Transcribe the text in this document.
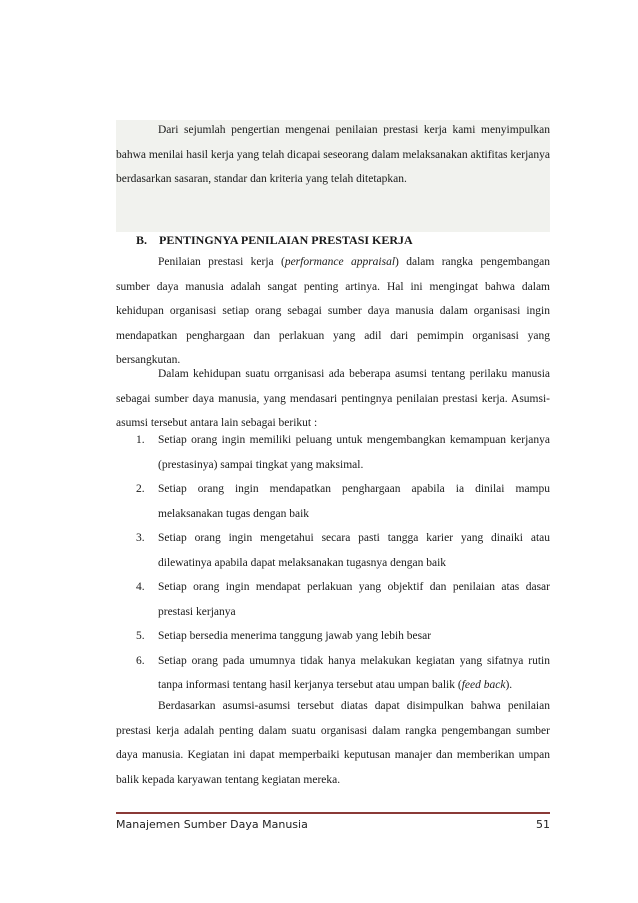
Dari sejumlah pengertian mengenai penilaian prestasi kerja kami menyimpulkan bahwa menilai hasil kerja yang telah dicapai seseorang dalam melaksanakan aktifitas kerjanya berdasarkan sasaran, standar dan kriteria yang telah ditetapkan.

B. PENTINGNYA PENILAIAN PRESTASI KERJA

Penilaian prestasi kerja (performance appraisal) dalam rangka pengembangan sumber daya manusia adalah sangat penting artinya. Hal ini mengingat bahwa dalam kehidupan organisasi setiap orang sebagai sumber daya manusia dalam organisasi ingin mendapatkan penghargaan dan perlakuan yang adil dari pemimpin organisasi yang bersangkutan.

Dalam kehidupan suatu orrganisasi ada beberapa asumsi tentang perilaku manusia sebagai sumber daya manusia, yang mendasari pentingnya penilaian prestasi kerja. Asumsi-asumsi tersebut antara lain sebagai berikut :

1. Setiap orang ingin memiliki peluang untuk mengembangkan kemampuan kerjanya (prestasinya) sampai tingkat yang maksimal.
2. Setiap orang ingin mendapatkan penghargaan apabila ia dinilai mampu melaksanakan tugas dengan baik
3. Setiap orang ingin mengetahui secara pasti tangga karier yang dinaiki atau dilewatinya apabila dapat melaksanakan tugasnya dengan baik
4. Setiap orang ingin mendapat perlakuan yang objektif dan penilaian atas dasar prestasi kerjanya
5. Setiap bersedia menerima tanggung jawab yang lebih besar
6. Setiap orang pada umumnya tidak hanya melakukan kegiatan yang sifatnya rutin tanpa informasi tentang hasil kerjanya tersebut atau umpan balik (feed back).

Berdasarkan asumsi-asumsi tersebut diatas dapat disimpulkan bahwa penilaian prestasi kerja adalah penting dalam suatu organisasi dalam rangka pengembangan sumber daya manusia. Kegiatan ini dapat memperbaiki keputusan manajer dan memberikan umpan balik kepada karyawan tentang kegiatan mereka.

Manajemen Sumber Daya Manusia	51
